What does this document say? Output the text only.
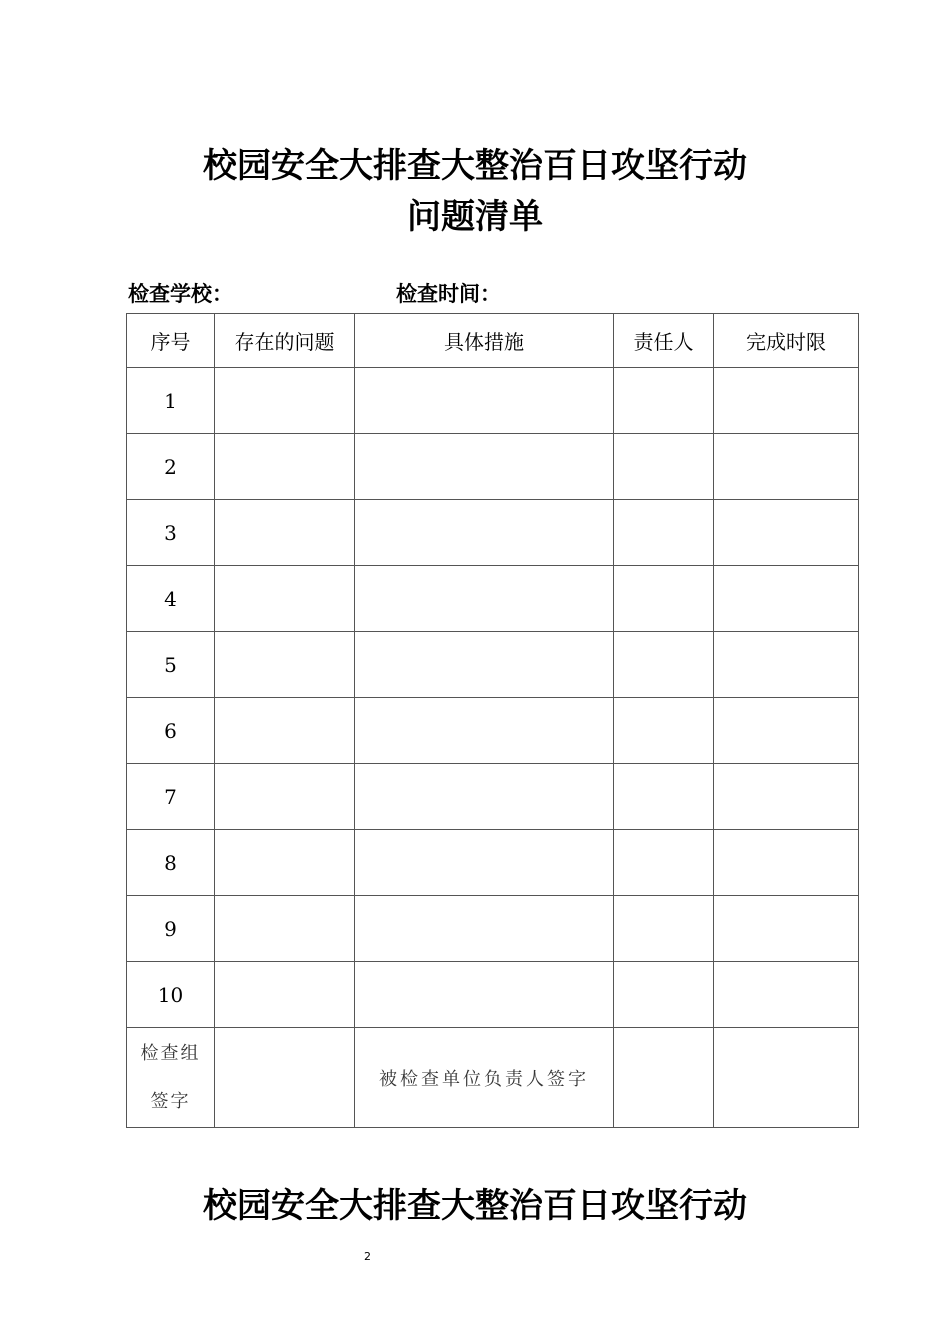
校园安全大排查大整治百日攻坚行动
问题清单
检查学校：	检查时间：
序号	存在的问题	具体措施	责任人	完成时限
1				
2				
3				
4				
5				
6				
7				
8				
9				
10				

检查组
签字		被检查单位负责人签字		
校园安全大排查大整治百日攻坚行动
2
